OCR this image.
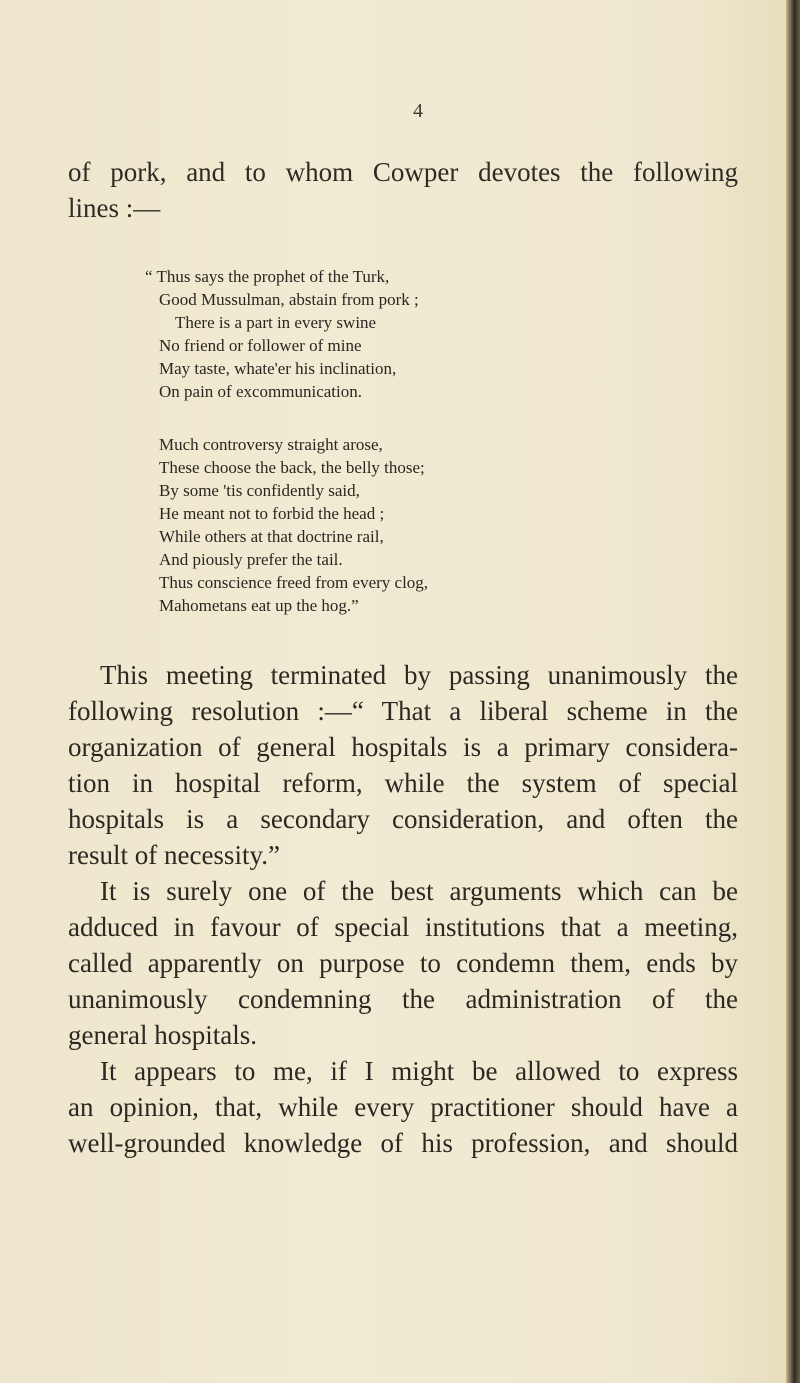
4
of pork, and to whom Cowper devotes the following
lines :—
“ Thus says the prophet of the Turk,
Good Mussulman, abstain from pork ;
There is a part in every swine
No friend or follower of mine
May taste, whate'er his inclination,
On pain of excommunication.
Much controversy straight arose,
These choose the back, the belly those;
By some 'tis confidently said,
He meant not to forbid the head ;
While others at that doctrine rail,
And piously prefer the tail.
Thus conscience freed from every clog,
Mahometans eat up the hog.”
This meeting terminated by passing unanimously the
following resolution :—“ That a liberal scheme in the
organization of general hospitals is a primary considera-
tion in hospital reform, while the system of special
hospitals is a secondary consideration, and often the
result of necessity.”
It is surely one of the best arguments which can be
adduced in favour of special institutions that a meeting,
called apparently on purpose to condemn them, ends by
unanimously condemning the administration of the
general hospitals.
It appears to me, if I might be allowed to express
an opinion, that, while every practitioner should have a
well-grounded knowledge of his profession, and should
